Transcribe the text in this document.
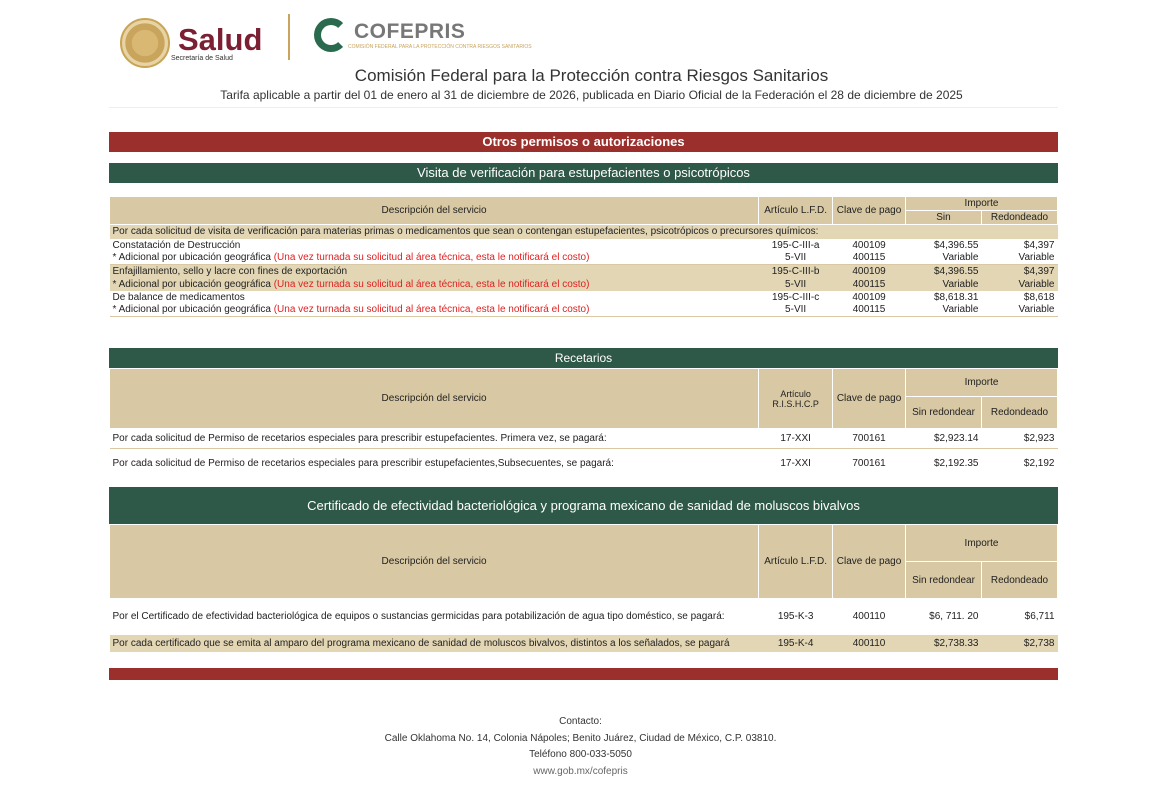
Salud
Secretaría de Salud
COFEPRIS
COMISIÓN FEDERAL PARA LA PROTECCIÓN CONTRA RIESGOS SANITARIOS
Comisión Federal para la Protección contra Riesgos Sanitarios
Tarifa aplicable a partir del 01 de enero al 31 de diciembre de 2026, publicada en Diario Oficial de la Federación el 28 de diciembre de 2025
Otros permisos o autorizaciones
Visita de verificación para estupefacientes o psicotrópicos
Descripción del servicio	Artículo L.F.D.	Clave de pago	Importe	
			Sin	Redondeado
Por cada solicitud de visita de verificación para materias primas o medicamentos que sean o contengan estupefacientes, psicotrópicos o precursores químicos:				
Constatación de Destrucción	195-C-III-a	400109	$4,396.55	$4,397
* Adicional por ubicación geográfica (Una vez turnada su solicitud al área técnica, esta le notificará el costo)	5-VII	400115	Variable	Variable
Enfajillamiento, sello y lacre con fines de exportación	195-C-III-b	400109	$4,396.55	$4,397
* Adicional por ubicación geográfica (Una vez turnada su solicitud al área técnica, esta le notificará el costo)	5-VII	400115	Variable	Variable
De balance de medicamentos	195-C-III-c	400109	$8,618.31	$8,618
* Adicional por ubicación geográfica (Una vez turnada su solicitud al área técnica, esta le notificará el costo)	5-VII	400115	Variable	Variable
Recetarios
Descripción del servicio	Artículo R.I.S.H.C.P	Clave de pago	Importe	
			Sin redondear	Redondeado
Por cada solicitud de Permiso de recetarios especiales para prescribir estupefacientes. Primera vez, se pagará:	17-XXI	700161	$2,923.14	$2,923
Por cada solicitud de Permiso de recetarios especiales para prescribir estupefacientes,Subsecuentes, se pagará:	17-XXI	700161	$2,192.35	$2,192
Certificado de efectividad bacteriológica y programa mexicano de sanidad de moluscos bivalvos
Descripción del servicio	Artículo L.F.D.	Clave de pago	Importe	
			Sin redondear	Redondeado
Por el Certificado de efectividad bacteriológica de equipos o sustancias germicidas para potabilización de agua tipo doméstico, se pagará:	195-K-3	400110	$6, 711. 20	$6,711
Por cada certificado que se emita al amparo del programa mexicano de sanidad de moluscos bivalvos, distintos a los señalados, se pagará	195-K-4	400110	$2,738.33	$2,738
Contacto:
Calle Oklahoma No. 14, Colonia Nápoles; Benito Juárez, Ciudad de México, C.P. 03810.
Teléfono 800-033-5050
www.gob.mx/cofepris
